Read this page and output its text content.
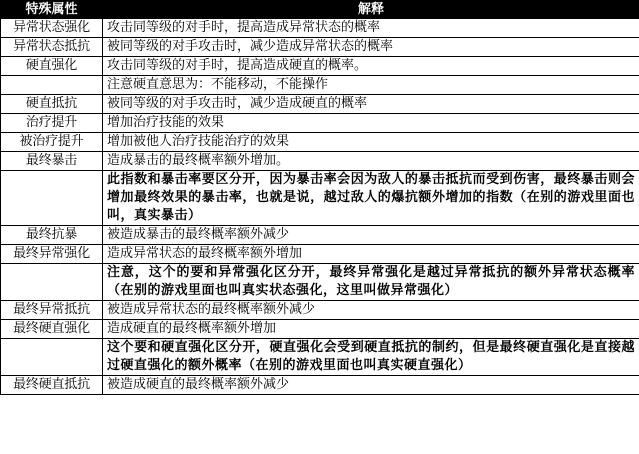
特殊属性	解释
异常状态强化	攻击同等级的对手时，提高造成异常状态的概率
异常状态抵抗	被同等级的对手攻击时，减少造成异常状态的概率
硬直强化	攻击同等级的对手时，提高造成硬直的概率。
	注意硬直意思为：不能移动，不能操作
硬直抵抗	被同等级的对手攻击时，减少造成硬直的概率
治疗提升	增加治疗技能的效果
被治疗提升	增加被他人治疗技能治疗的效果
最终暴击	造成暴击的最终概率额外增加。
	此指数和暴击率要区分开，因为暴击率会因为敌人的暴击抵抗而受到伤害，最终暴击则会增加最终效果的暴击率，也就是说，越过敌人的爆抗额外增加的指数（在别的游戏里面也叫，真实暴击）
最终抗暴	被造成暴击的最终概率额外减少
最终异常强化	造成异常状态的最终概率额外增加
	注意，这个的要和异常强化区分开，最终异常强化是越过异常抵抗的额外异常状态概率（在别的游戏里面也叫真实状态强化，这里叫做异常强化）
最终异常抵抗	被造成异常状态的最终概率额外减少
最终硬直强化	造成硬直的最终概率额外增加
	这个要和硬直强化区分开，硬直强化会受到硬直抵抗的制约，但是最终硬直强化是直接越过硬直强化的额外概率（在别的游戏里面也叫真实硬直强化）
最终硬直抵抗	被造成硬直的最终概率额外减少
